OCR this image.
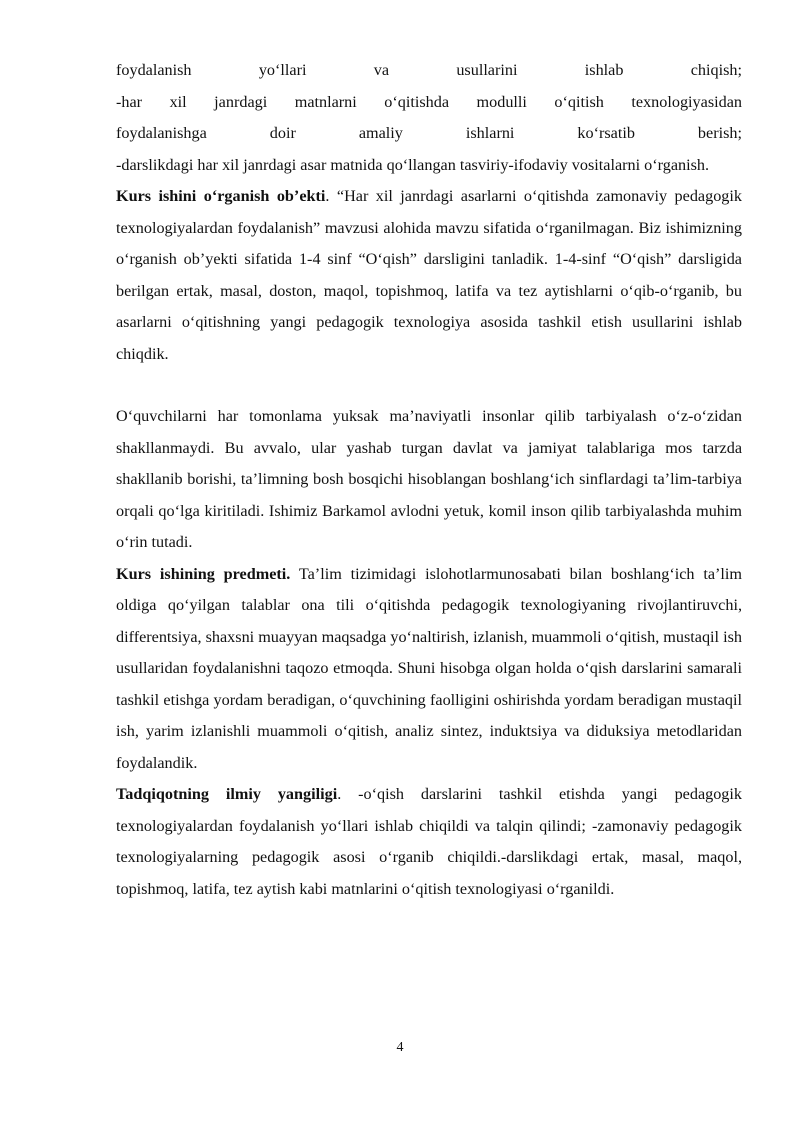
foydalanish yo‘llari va usullarini ishlab chiqish;

-har xil janrdagi matnlarni o‘qitishda modulli o‘qitish texnologiyasidan

foydalanishga doir amaliy ishlarni ko‘rsatib berish;

-darslikdagi har xil janrdagi asar matnida qo‘llangan tasviriy-ifodaviy vositalarni o‘rganish.

Kurs ishini o‘rganish ob’ekti. “Har xil janrdagi asarlarni o‘qitishda zamonaviy pedagogik texnologiyalardan foydalanish” mavzusi alohida mavzu sifatida o‘rganilmagan. Biz ishimizning o‘rganish ob’yekti sifatida 1-4 sinf “O‘qish” darsligini tanladik. 1-4-sinf “O‘qish” darsligida berilgan ertak, masal, doston, maqol, topishmoq, latifa va tez aytishlarni o‘qib-o‘rganib, bu asarlarni o‘qitishning yangi pedagogik texnologiya asosida tashkil etish usullarini ishlab chiqdik.

O‘quvchilarni har tomonlama yuksak ma’naviyatli insonlar qilib tarbiyalash o‘z-o‘zidan shakllanmaydi. Bu avvalo, ular yashab turgan davlat va jamiyat talablariga mos tarzda shakllanib borishi, ta’limning bosh bosqichi hisoblangan boshlang‘ich sinflardagi ta’lim-tarbiya orqali qo‘lga kiritiladi. Ishimiz Barkamol avlodni yetuk, komil inson qilib tarbiyalashda muhim o‘rin tutadi.

Kurs ishining predmeti. Ta’lim tizimidagi islohotlarmunosabati bilan boshlang‘ich ta’lim oldiga qo‘yilgan talablar ona tili o‘qitishda pedagogik texnologiyaning rivojlantiruvchi, differentsiya, shaxsni muayyan maqsadga yo‘naltirish, izlanish, muammoli o‘qitish, mustaqil ish usullaridan foydalanishni taqozo etmoqda. Shuni hisobga olgan holda o‘qish darslarini samarali tashkil etishga yordam beradigan, o‘quvchining faolligini oshirishda yordam beradigan mustaqil ish, yarim izlanishli muammoli o‘qitish, analiz sintez, induktsiya va diduksiya metodlaridan foydalandik.

Tadqiqotning ilmiy yangiligi. -o‘qish darslarini tashkil etishda yangi pedagogik texnologiyalardan foydalanish yo‘llari ishlab chiqildi va talqin qilindi; -zamonaviy pedagogik texnologiyalarning pedagogik asosi o‘rganib chiqildi.-darslikdagi ertak, masal, maqol, topishmoq, latifa, tez aytish kabi matnlarini o‘qitish texnologiyasi o‘rganildi.

4
